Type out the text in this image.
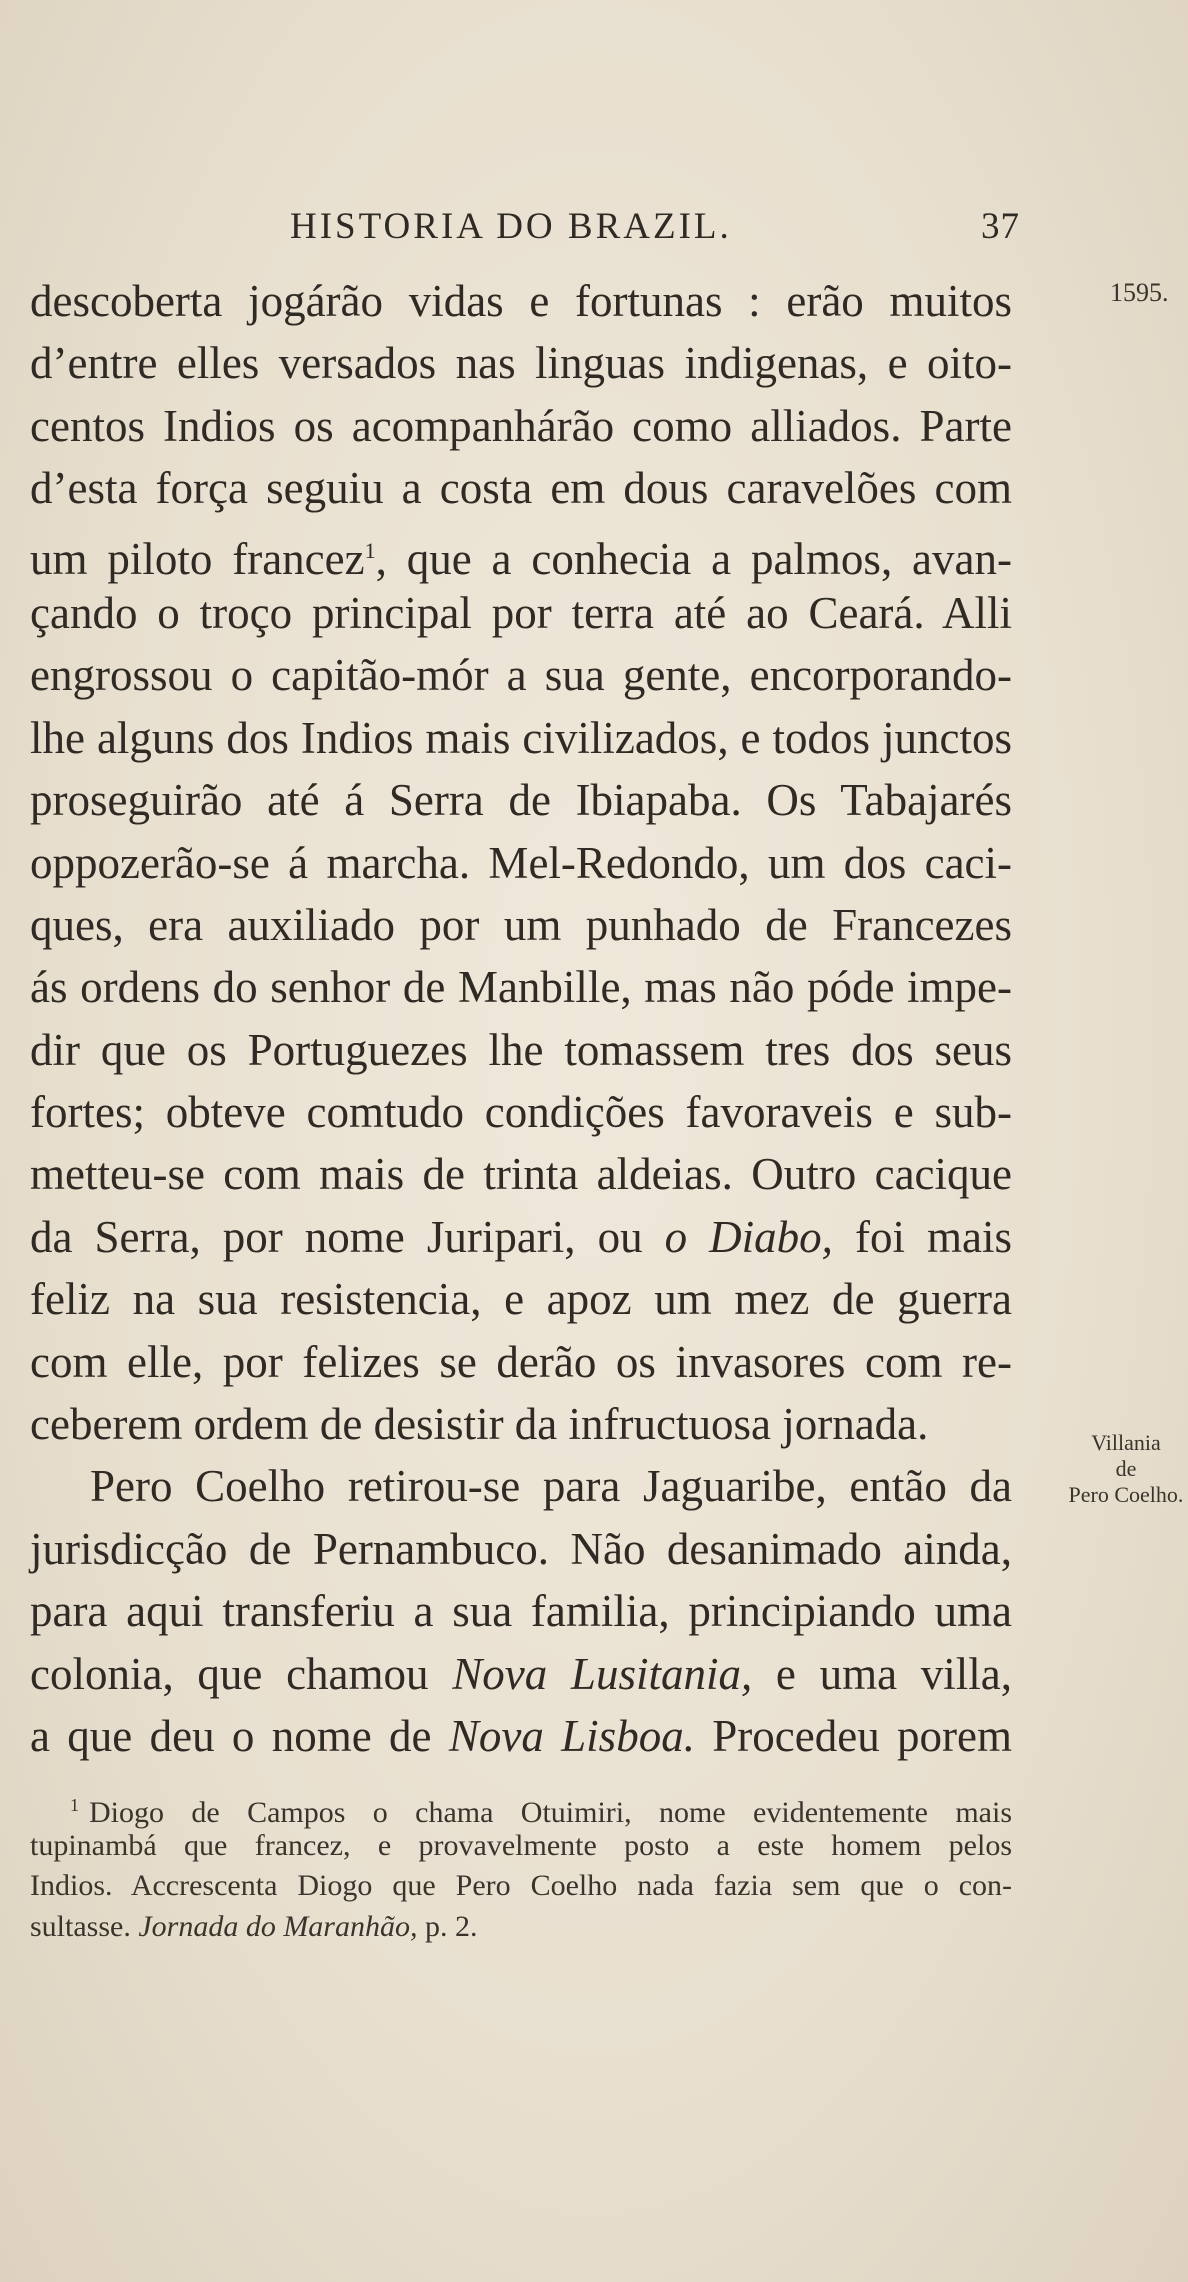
HISTORIA DO BRAZIL.	37
1595.
Villania
de
Pero Coelho.
descoberta jogárão vidas e fortunas : erão muitos
d’entre elles versados nas linguas indigenas, e oito-
centos Indios os acompanhárão como alliados. Parte
d’esta força seguiu a costa em dous caravelões com
um piloto francez$^1$, que a conhecia a palmos, avan-
çando o troço principal por terra até ao Ceará. Alli
engrossou o capitão-mór a sua gente, encorporando-
lhe alguns dos Indios mais civilizados, e todos junctos
proseguirão até á Serra de Ibiapaba. Os Tabajarés
oppozerão-se á marcha. Mel-Redondo, um dos caci-
ques, era auxiliado por um punhado de Francezes
ás ordens do senhor de Manbille, mas não póde impe-
dir que os Portuguezes lhe tomassem tres dos seus
fortes; obteve comtudo condições favoraveis e sub-
metteu-se com mais de trinta aldeias. Outro cacique
da Serra, por nome Juripari, ou o Diabo, foi mais
feliz na sua resistencia, e apoz um mez de guerra
com elle, por felizes se derão os invasores com re-
ceberem ordem de desistir da infructuosa jornada.
Pero Coelho retirou-se para Jaguaribe, então da
jurisdicção de Pernambuco. Não desanimado ainda,
para aqui transferiu a sua familia, principiando uma
colonia, que chamou Nova Lusitania, e uma villa,
a que deu o nome de Nova Lisboa. Procedeu porem
$^1$ Diogo de Campos o chama Otuimiri, nome evidentemente mais
tupinambá que francez, e provavelmente posto a este homem pelos
Indios. Accrescenta Diogo que Pero Coelho nada fazia sem que o con-
sultasse. Jornada do Maranhão, p. 2.
